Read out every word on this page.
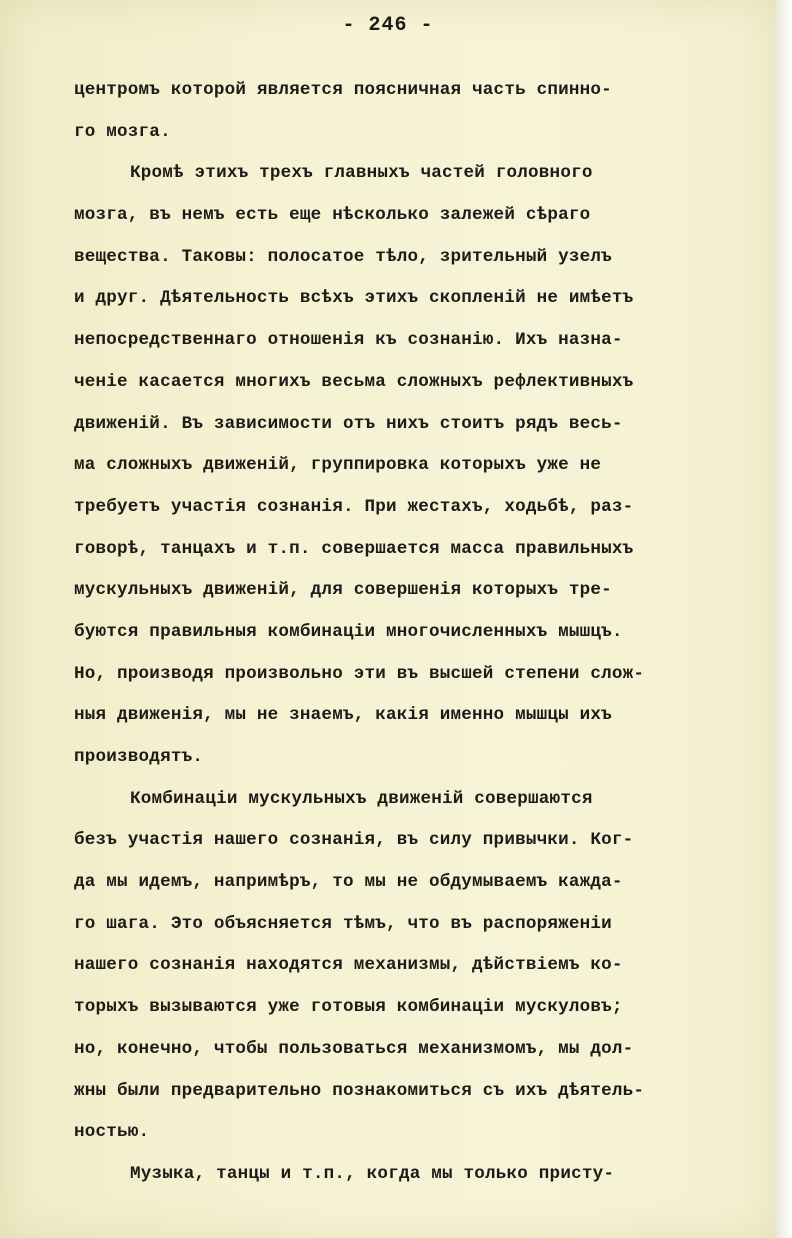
- 246 -
центромъ которой является поясничная часть спинно-
го мозга.
Кромѣ этихъ трехъ главныхъ частей головного
мозга, въ немъ есть еще нѣсколько залежей сѣраго
вещества. Таковы: полосатое тѣло, зрительный узелъ
и друг. Дѣятельность всѣхъ этихъ скопленій не имѣетъ
непосредственнаго отношенія къ сознанію. Ихъ назна-
ченіе касается многихъ весьма сложныхъ рефлективныхъ
движеній. Въ зависимости отъ нихъ стоитъ рядъ весь-
ма сложныхъ движеній, группировка которыхъ уже не
требуетъ участія сознанія. При жестахъ, ходьбѣ, раз-
говорѣ, танцахъ и т.п. совершается масса правильныхъ
мускульныхъ движеній, для совершенія которыхъ тре-
буются правильныя комбинаціи многочисленныхъ мышцъ.
Но, производя произвольно эти въ высшей степени слож-
ныя движенія, мы не знаемъ, какія именно мышцы ихъ
производятъ.
Комбинаціи мускульныхъ движеній совершаются
безъ участія нашего сознанія, въ силу привычки. Ког-
да мы идемъ, напримѣръ, то мы не обдумываемъ кажда-
го шага. Это объясняется тѣмъ, что въ распоряженіи
нашего сознанія находятся механизмы, дѣйствіемъ ко-
торыхъ вызываются уже готовыя комбинаціи мускуловъ;
но, конечно, чтобы пользоваться механизмомъ, мы дол-
жны были предварительно познакомиться съ ихъ дѣятель-
ностью.
Музыка, танцы и т.п., когда мы только присту-
